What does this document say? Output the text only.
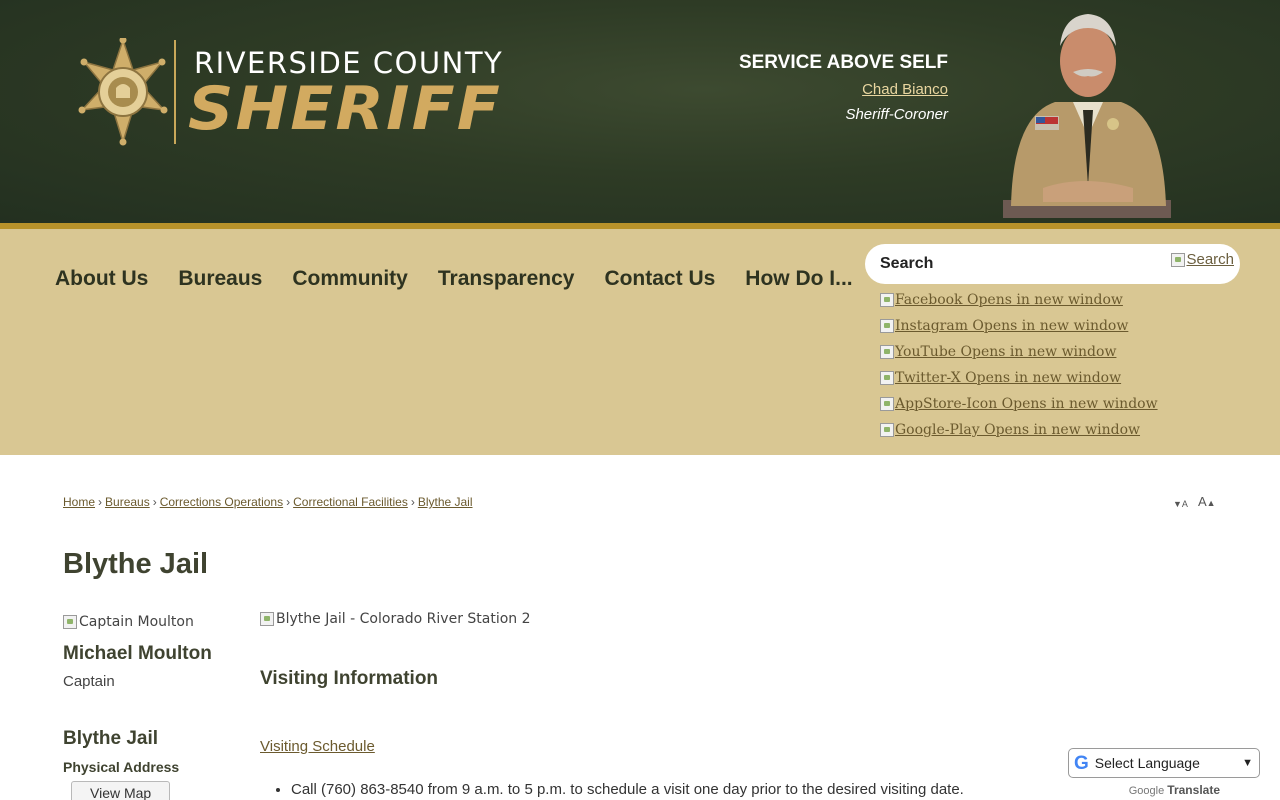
RIVERSIDE COUNTY
SHERIFF
SERVICE ABOVE SELF
Chad Bianco
Sheriff-Coroner
About Us Bureaus Community Transparency Contact Us How Do I...
Search
Search
Facebook Opens in new window
Instagram Opens in new window
YouTube Opens in new window
Twitter-X Opens in new window
AppStore-Icon Opens in new window
Google-Play Opens in new window
Home › Bureaus › Corrections Operations › Correctional Facilities › Blythe Jail	▼A A▲
Blythe Jail
Captain Moulton
Michael Moulton
Captain
Blythe Jail
Physical Address
View Map
Blythe Jail - Colorado River Station 2
Visiting Information
Visiting Schedule
• Call (760) 863-8540 from 9 a.m. to 5 p.m. to schedule a visit one day prior to the desired visiting date.
G Select Language	▼
Google Translate
